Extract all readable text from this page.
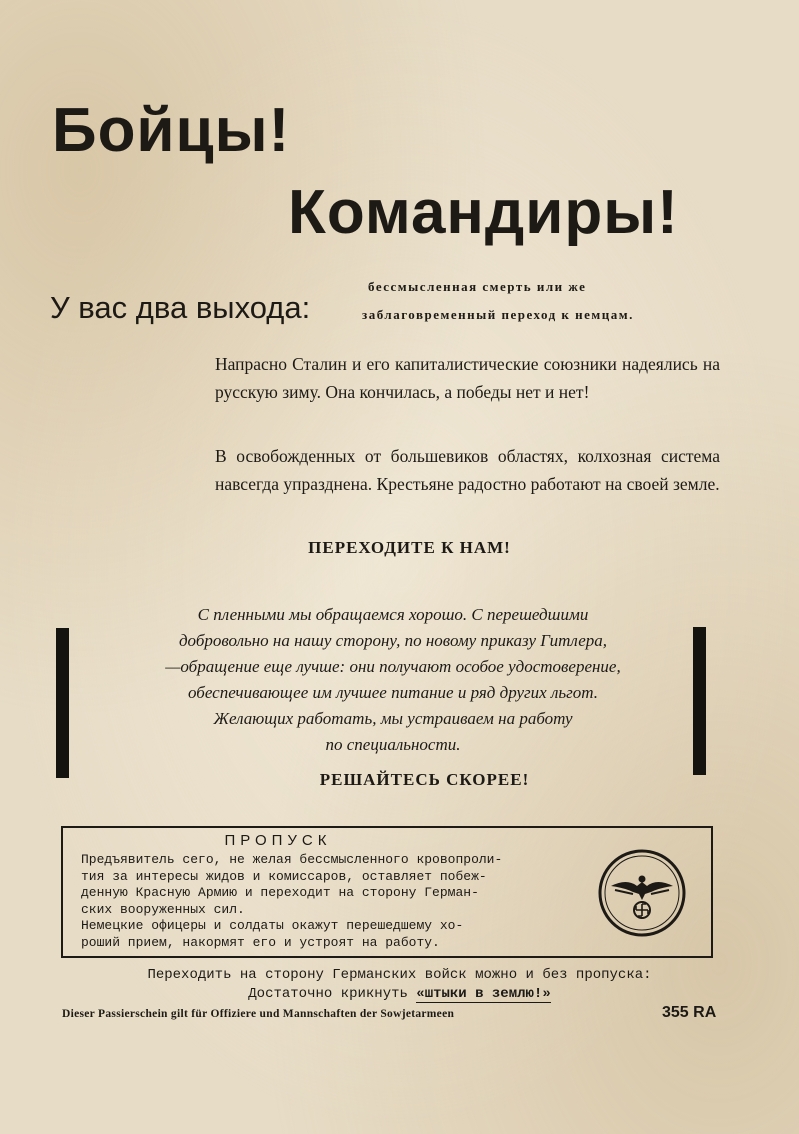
Бойцы!
Командиры!
У вас два выхода:
бессмысленная смерть или же
заблаговременный переход к немцам.
Напрасно Сталин и его капиталистические союзники надеялись на русскую зиму. Она кончилась, а победы нет и нет!
В освобожденных от большевиков областях, колхозная система навсегда упразднена. Крестьяне радостно работают на своей земле.
ПЕРЕХОДИТЕ К НАМ!
С пленными мы обращаемся хорошо. С перешедшими
добровольно на нашу сторону, по новому приказу Гитлера,
—обращение еще лучше: они получают особое удостоверение,
обеспечивающее им лучшее питание и ряд других льгот.
Желающих работать, мы устраиваем на работу
по специальности.
РЕШАЙТЕСЬ СКОРЕЕ!
ПРОПУСК
Предъявитель сего, не желая бессмысленного кровопроли-
тия за интересы жидов и комиссаров, оставляет побеж-
денную Красную Армию и переходит на сторону Герман-
ских вооруженных сил.
Немецкие офицеры и солдаты окажут перешедшему хо-
роший прием, накормят его и устроят на работу.
Переходить на сторону Германских войск можно и без пропуска:
Достаточно крикнуть «штыки в землю!»
Dieser Passierschein gilt für Offiziere und Mannschaften der Sowjetarmeen	355 RA
